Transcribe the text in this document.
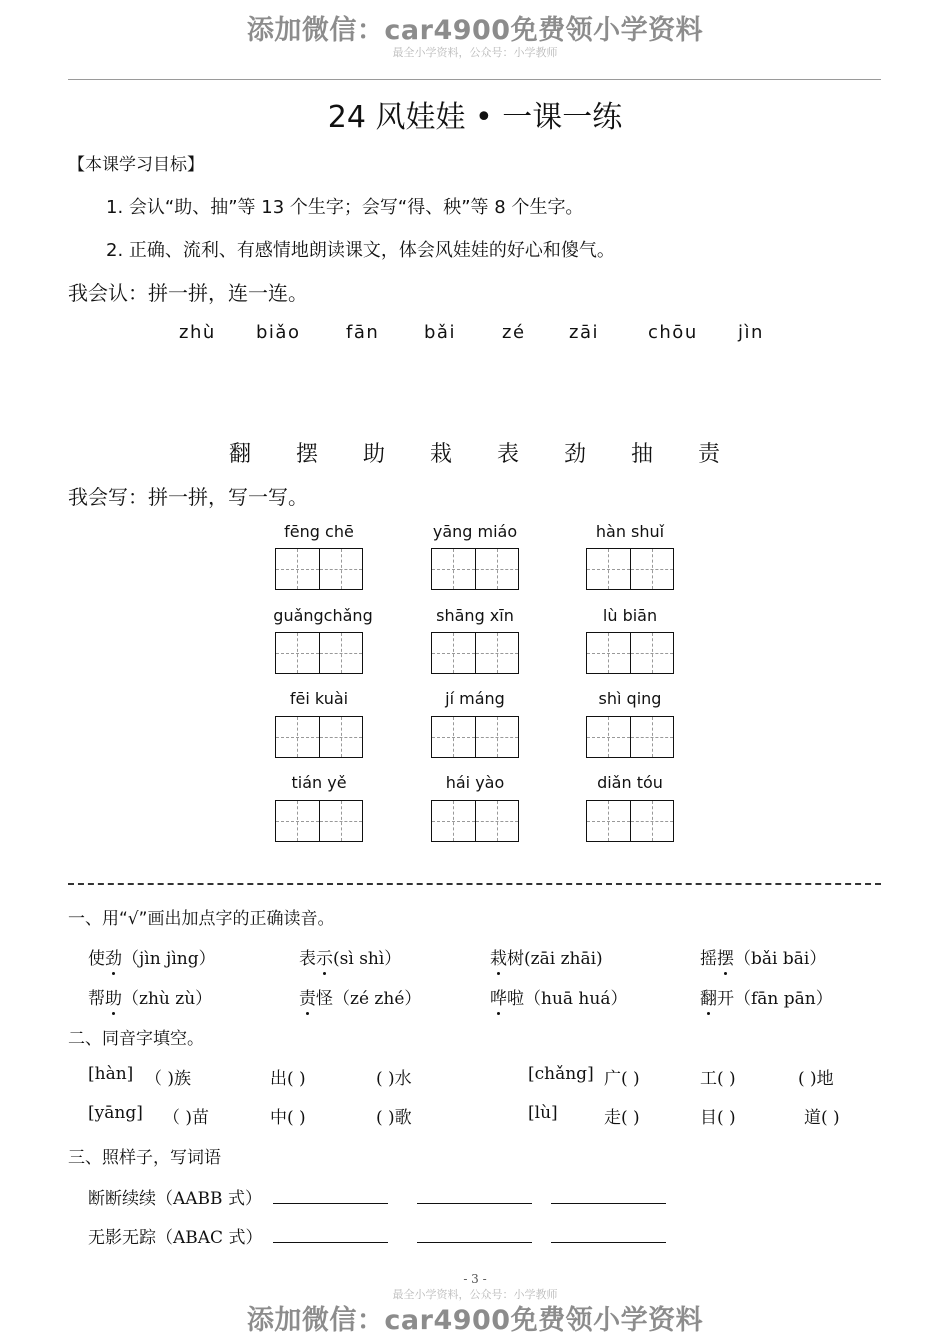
添加微信：car4900免费领小学资料
最全小学资料，公众号：小学教师
24 风娃娃 • 一课一练
【本课学习目标】
1. 会认“助、抽”等 13 个生字；会写“得、秧”等 8 个生字。
2. 正确、流利、有感情地朗读课文，体会风娃娃的好心和傻气。
我会认：拼一拼，连一连。
zhù biǎo	fān bǎi	zé zāi	chōu jìn
翻 摆 助 栽 表 劲 抽 责
我会写：拼一拼，写一写。
fēng chē	yāng miáo	hàn shuǐ
guǎngchǎng	shāng xīn	lù biān
fēi kuài	jí máng	shì qing
tián yě	hái yào	diǎn tóu
一、用“√”画出加点字的正确读音。
使劲（jìn jìng）	表示(sì shì）	栽树(zāi zhāi)	摇摆（bǎi bāi）
帮助（zhù zù）	责怪（zé zhé）	哗啦（huā huá）	翻开（fān pān）
二、同音字填空。
[hàn] （ )族	出( )	( )水	[chǎng] 广( )	工( )	( )地
[yāng] （ )苗	中( )	( )歌	[lù]	走( )	目( )	道( )
三、照样子，写词语
断断续续（AABB 式）
无影无踪（ABAC 式）
- 3 -
最全小学资料，公众号：小学教师
添加微信：car4900免费领小学资料
